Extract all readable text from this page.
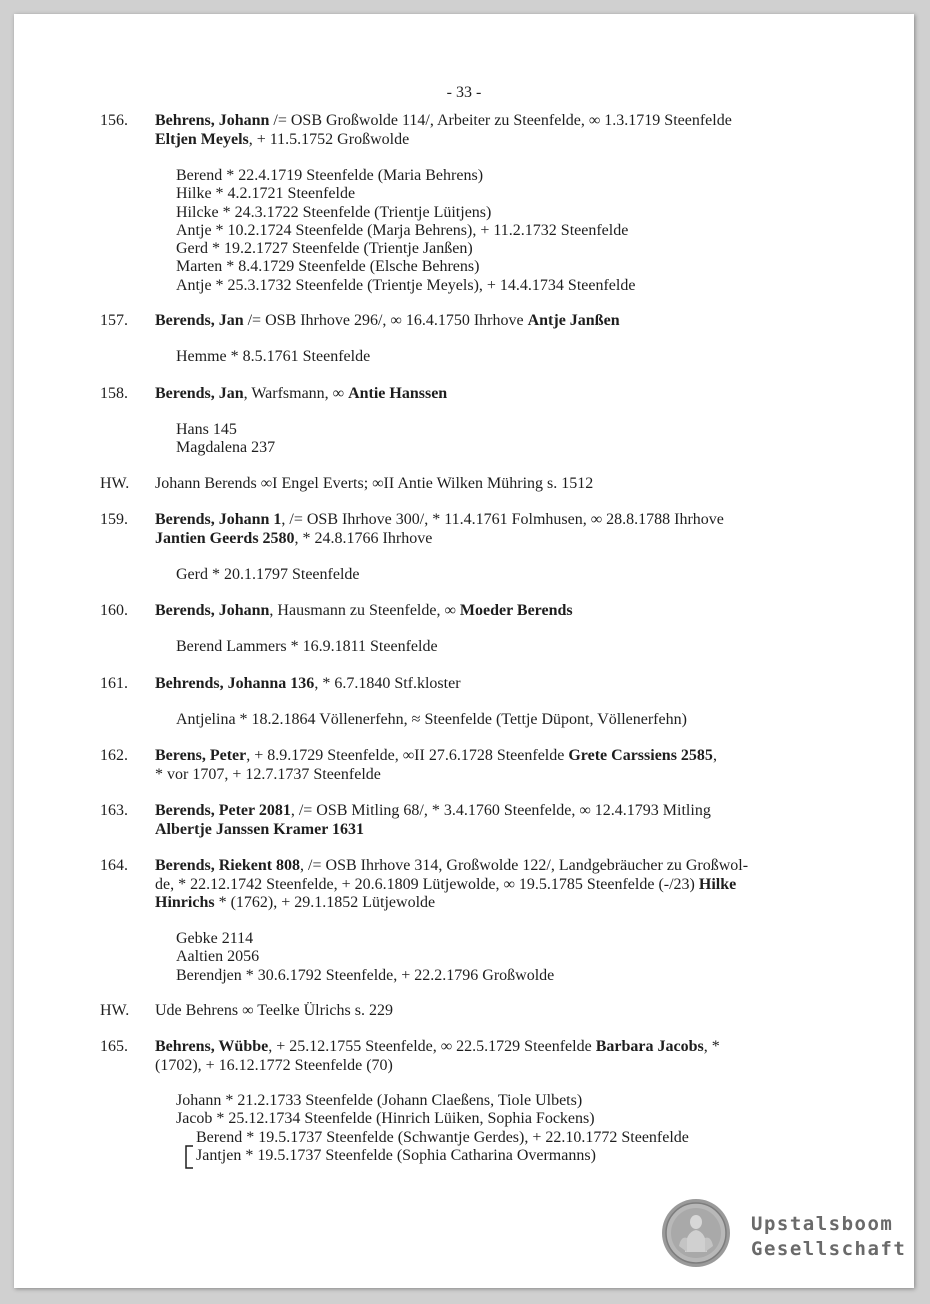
- 33 -
156. Behrens, Johann /= OSB Großwolde 114/, Arbeiter zu Steenfelde, ∞ 1.3.1719 Steenfelde
Eltjen Meyels, + 11.5.1752 Großwolde
Berend * 22.4.1719 Steenfelde (Maria Behrens)
Hilke * 4.2.1721 Steenfelde
Hilcke * 24.3.1722 Steenfelde (Trientje Lüitjens)
Antje * 10.2.1724 Steenfelde (Marja Behrens), + 11.2.1732 Steenfelde
Gerd * 19.2.1727 Steenfelde (Trientje Janßen)
Marten * 8.4.1729 Steenfelde (Elsche Behrens)
Antje * 25.3.1732 Steenfelde (Trientje Meyels), + 14.4.1734 Steenfelde
157. Berends, Jan /= OSB Ihrhove 296/, ∞ 16.4.1750 Ihrhove Antje Janßen
Hemme * 8.5.1761 Steenfelde
158. Berends, Jan, Warfsmann, ∞ Antie Hanssen
Hans 145
Magdalena 237
HW. Johann Berends ∞I Engel Everts; ∞II Antie Wilken Mühring s. 1512
159. Berends, Johann 1, /= OSB Ihrhove 300/, * 11.4.1761 Folmhusen, ∞ 28.8.1788 Ihrhove
Jantien Geerds 2580, * 24.8.1766 Ihrhove
Gerd * 20.1.1797 Steenfelde
160. Berends, Johann, Hausmann zu Steenfelde, ∞ Moeder Berends
Berend Lammers * 16.9.1811 Steenfelde
161. Behrends, Johanna 136, * 6.7.1840 Stf.kloster
Antjelina * 18.2.1864 Völlenerfehn, ≈ Steenfelde (Tettje Düpont, Völlenerfehn)
162. Berens, Peter, + 8.9.1729 Steenfelde, ∞II 27.6.1728 Steenfelde Grete Carssiens 2585,
* vor 1707, + 12.7.1737 Steenfelde
163. Berends, Peter 2081, /= OSB Mitling 68/, * 3.4.1760 Steenfelde, ∞ 12.4.1793 Mitling
Albertje Janssen Kramer 1631
164. Berends, Riekent 808, /= OSB Ihrhove 314, Großwolde 122/, Landgebräucher zu Großwol-
de, * 22.12.1742 Steenfelde, + 20.6.1809 Lütjewolde, ∞ 19.5.1785 Steenfelde (-/23) Hilke
Hinrichs * (1762), + 29.1.1852 Lütjewolde
Gebke 2114
Aaltien 2056
Berendjen * 30.6.1792 Steenfelde, + 22.2.1796 Großwolde
HW. Ude Behrens ∞ Teelke Ülrichs s. 229
165. Behrens, Wübbe, + 25.12.1755 Steenfelde, ∞ 22.5.1729 Steenfelde Barbara Jacobs, *
(1702), + 16.12.1772 Steenfelde (70)
Johann * 21.2.1733 Steenfelde (Johann Claeßens, Tiole Ulbets)
Jacob * 25.12.1734 Steenfelde (Hinrich Lüiken, Sophia Fockens)
Berend * 19.5.1737 Steenfelde (Schwantje Gerdes), + 22.10.1772 Steenfelde
Jantjen * 19.5.1737 Steenfelde (Sophia Catharina Overmanns)
Upstalsboom
Gesellschaft
